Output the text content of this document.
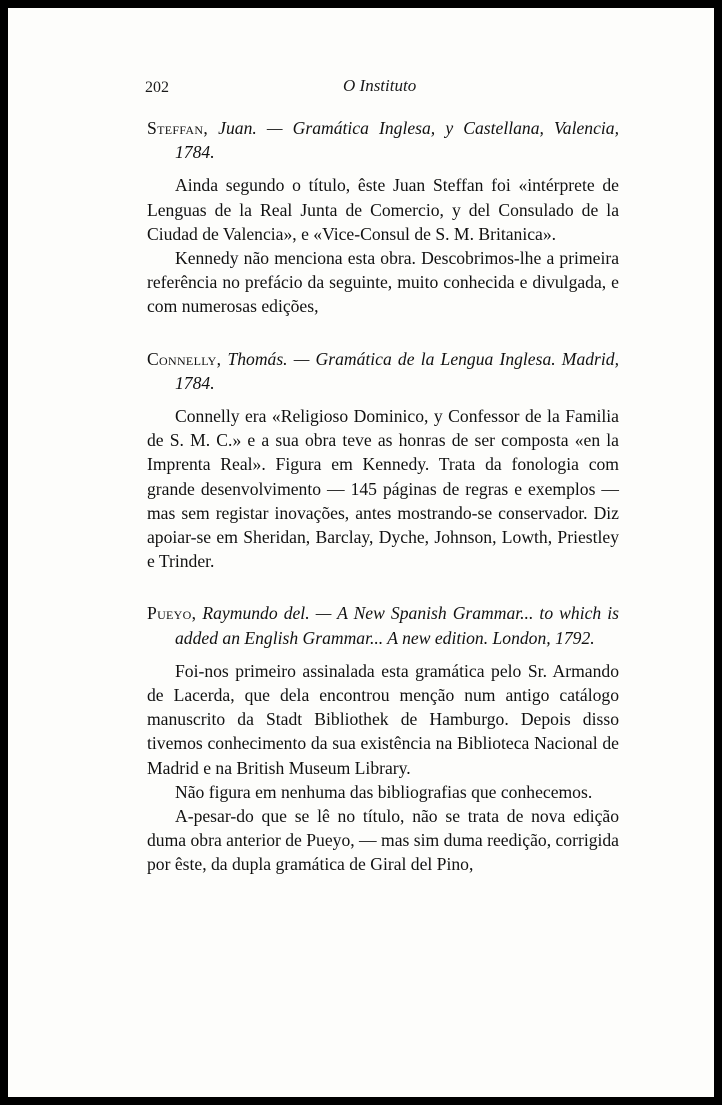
202	O Instituto

Steffan, Juan. — Gramática Inglesa, y Castellana, Valencia, 1784.

Ainda segundo o título, êste Juan Steffan foi «intérprete de Lenguas de la Real Junta de Comercio, y del Consulado de la Ciudad de Valencia», e «Vice-Consul de S. M. Britanica».

Kennedy não menciona esta obra. Descobrimos-lhe a primeira referência no prefácio da seguinte, muito conhecida e divulgada, e com numerosas edições,

Connelly, Thomás. — Gramática de la Lengua Inglesa. Madrid, 1784.

Connelly era «Religioso Dominico, y Confessor de la Familia de S. M. C.» e a sua obra teve as honras de ser composta «en la Imprenta Real». Figura em Kennedy. Trata da fonologia com grande desenvolvimento — 145 páginas de regras e exemplos — mas sem registar inovações, antes mostrando-se conservador. Diz apoiar-se em Sheridan, Barclay, Dyche, Johnson, Lowth, Priestley e Trinder.

Pueyo, Raymundo del. — A New Spanish Grammar... to which is added an English Grammar... A new edition. London, 1792.

Foi-nos primeiro assinalada esta gramática pelo Sr. Armando de Lacerda, que dela encontrou menção num antigo catálogo manuscrito da Stadt Bibliothek de Hamburgo. Depois disso tivemos conhecimento da sua existência na Biblioteca Nacional de Madrid e na British Museum Library.

Não figura em nenhuma das bibliografias que conhecemos.

A-pesar-do que se lê no título, não se trata de nova edição duma obra anterior de Pueyo, — mas sim duma reedição, corrigida por êste, da dupla gramática de Giral del Pino,
